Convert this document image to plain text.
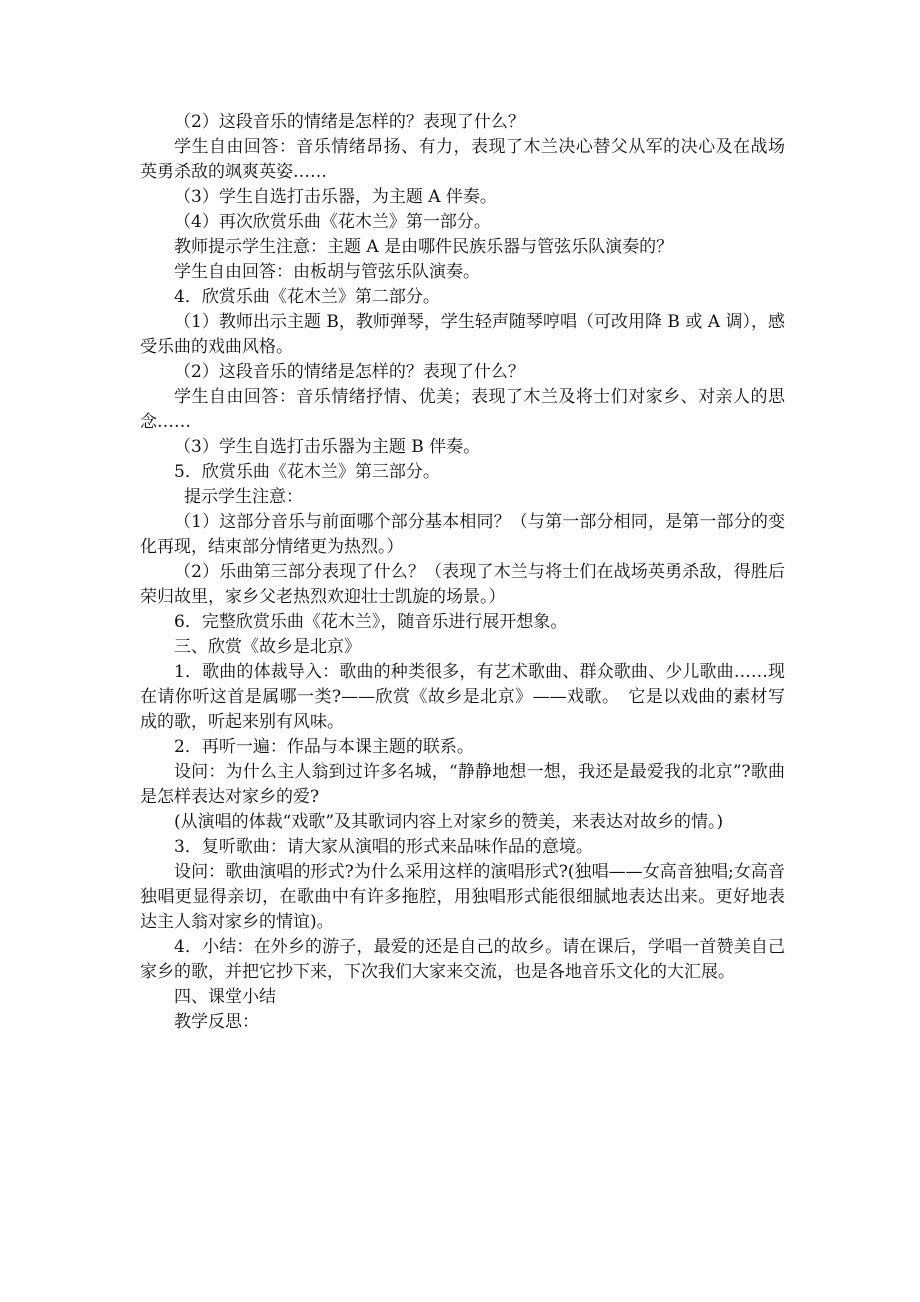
（2）这段音乐的情绪是怎样的？表现了什么？

学生自由回答：音乐情绪昂扬、有力，表现了木兰决心替父从军的决心及在战场英勇杀敌的飒爽英姿……

（3）学生自选打击乐器，为主题 A 伴奏。

（4）再次欣赏乐曲《花木兰》第一部分。

教师提示学生注意：主题 A 是由哪件民族乐器与管弦乐队演奏的？

学生自由回答：由板胡与管弦乐队演奏。

4．欣赏乐曲《花木兰》第二部分。

（1）教师出示主题 B，教师弹琴，学生轻声随琴哼唱（可改用降 B 或 A 调），感受乐曲的戏曲风格。

（2）这段音乐的情绪是怎样的？表现了什么？

学生自由回答：音乐情绪抒情、优美；表现了木兰及将士们对家乡、对亲人的思念……

（3）学生自选打击乐器为主题 B 伴奏。

5．欣赏乐曲《花木兰》第三部分。

提示学生注意：

（1）这部分音乐与前面哪个部分基本相同？（与第一部分相同，是第一部分的变化再现，结束部分情绪更为热烈。）

（2）乐曲第三部分表现了什么？（表现了木兰与将士们在战场英勇杀敌，得胜后荣归故里，家乡父老热烈欢迎壮士凯旋的场景。）

6．完整欣赏乐曲《花木兰》，随音乐进行展开想象。

三、欣赏《故乡是北京》

1．歌曲的体裁导入：歌曲的种类很多，有艺术歌曲、群众歌曲、少儿歌曲……现在请你听这首是属哪一类?——欣赏《故乡是北京》——戏歌。　它是以戏曲的素材写成的歌，听起来别有风味。

2．再听一遍：作品与本课主题的联系。

设问：为什么主人翁到过许多名城，“静静地想一想，我还是最爱我的北京”?歌曲是怎样表达对家乡的爱?

(从演唱的体裁“戏歌”及其歌词内容上对家乡的赞美，来表达对故乡的情。)

3．复听歌曲：请大家从演唱的形式来品味作品的意境。

设问：歌曲演唱的形式?为什么采用这样的演唱形式?(独唱——女高音独唱;女高音独唱更显得亲切，在歌曲中有许多拖腔，用独唱形式能很细腻地表达出来。更好地表达主人翁对家乡的情谊)。

4．小结：在外乡的游子，最爱的还是自己的故乡。请在课后，学唱一首赞美自己家乡的歌，并把它抄下来，下次我们大家来交流，也是各地音乐文化的大汇展。

四、课堂小结

教学反思：
